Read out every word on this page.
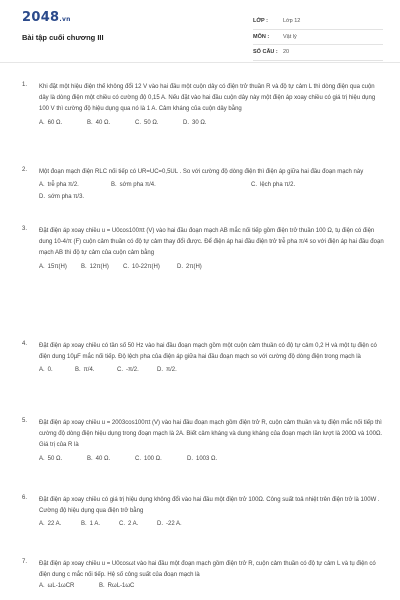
2048.vn
Bài tập cuối chương III
LỚP :	Lớp 12
MÔN :	Vật lý
SỐ CÂU : 20
1. Khi đặt một hiệu điện thế không đổi 12 V vào hai đầu một cuộn dây có điện trở thuần R và độ tự cảm L thì dòng điện qua cuộn dây là dòng điện một chiều có cường độ 0,15 A. Nếu đặt vào hai đầu cuộn dây này một điện áp xoay chiều có giá trị hiệu dụng 100 V thì cường độ hiệu dụng qua nó là 1 A. Cảm kháng của cuộn dây bằng
A. 60 Ω.	B. 40 Ω.	C. 50 Ω.	D. 30 Ω.
2. Một đoạn mạch điện RLC nối tiếp có UR=UC=0,5UL . So với cường độ dòng điện thì điện áp giữa hai đầu đoạn mạch này
A. trễ pha π/2.	B. sớm pha π/4.	C. lệch pha π/2.
D. sớm pha π/3.
3. Đặt điện áp xoay chiều u = U0cos100πt (V) vào hai đầu đoạn mạch AB mắc nối tiếp gồm điện trở thuần 100 Ω, tụ điện có điện dung 10-4/π (F) cuộn cảm thuần có độ tự cảm thay đổi được. Để điện áp hai đầu điện trở trễ pha π/4 so với điện áp hai đầu đoạn mạch AB thì độ tự cảm của cuộn cảm bằng
A. 15π(H)	B. 12π(H)	C. 10-22π(H)	D. 2π(H)
4. Đặt điện áp xoay chiều có tần số 50 Hz vào hai đầu đoạn mạch gồm một cuộn cảm thuần có độ tự cảm 0,2 H và một tụ điện có điện dung 10µF mắc nối tiếp. Độ lệch pha của điện áp giữa hai đầu đoạn mạch so với cường độ dòng điện trong mạch là
A. 0.	B. π/4.	C. -π/2.	D. π/2.
5. Đặt điện áp xoay chiều u = 2003cos100πt (V) vào hai đầu đoạn mạch gồm điện trở R, cuộn cảm thuần và tụ điện mắc nối tiếp thì cường độ dòng điện hiệu dụng trong đoạn mạch là 2A. Biết cảm kháng và dung kháng của đoạn mạch lần lượt là 200Ω và 100Ω. Giá trị của R là
A. 50 Ω.	B. 40 Ω.	C. 100 Ω.	D. 1003 Ω.
6. Đặt điện áp xoay chiều có giá trị hiệu dụng không đổi vào hai đầu một điện trở 100Ω. Công suất toả nhiệt trên điện trở là 100W . Cường độ hiệu dụng qua điện trở bằng
A. 22 A.	B. 1 A.	C. 2 A.	D. -22 A.
7. Đặt điện áp xoay chiều u = U0cosωt vào hai đầu một đoạn mạch gồm điện trở R, cuộn cảm thuần có độ tự cảm L và tụ điện có điện dung c mắc nối tiếp. Hệ số công suất của đoạn mạch là
A. ωL-1ωCR	B. RωL-1ωC
